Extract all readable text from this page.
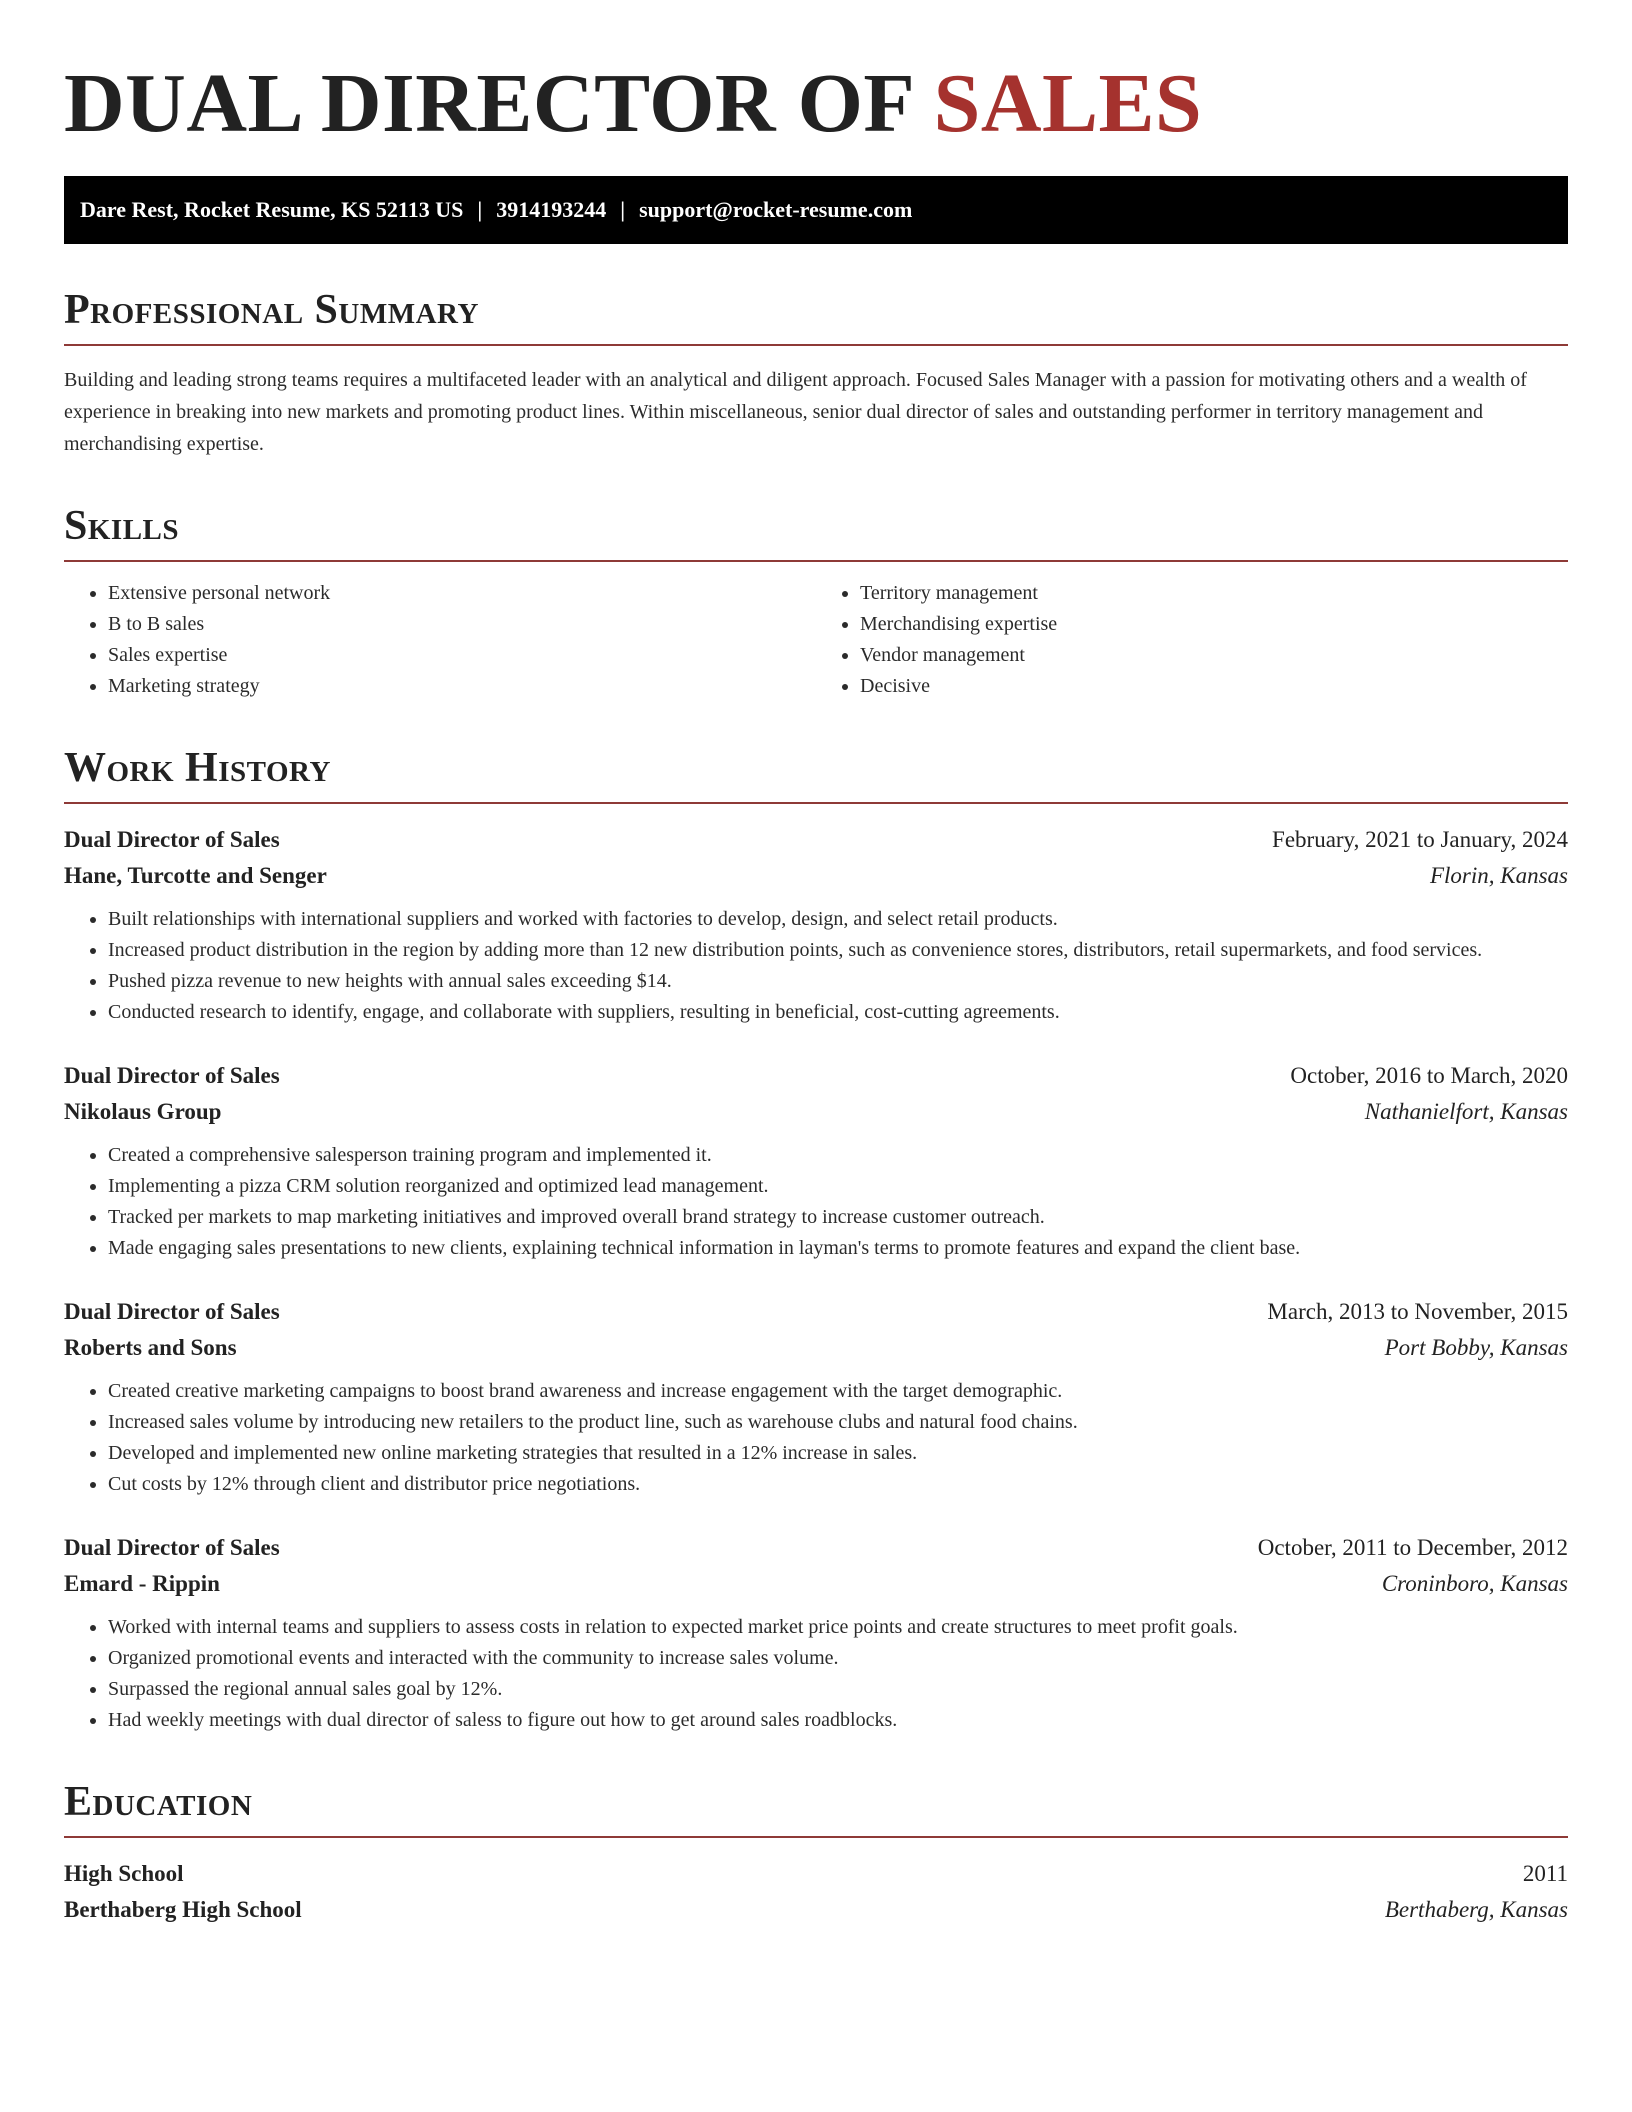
DUAL DIRECTOR OF SALES
Dare Rest, Rocket Resume, KS 52113 US | 3914193244 | support@rocket-resume.com
Professional Summary

Building and leading strong teams requires a multifaceted leader with an analytical and diligent approach. Focused Sales Manager with a passion for motivating others and a wealth of experience in breaking into new markets and promoting product lines. Within miscellaneous, senior dual director of sales and outstanding performer in territory management and merchandising expertise.

Skills
• Extensive personal network
• B to B sales
• Sales expertise
• Marketing strategy
• Territory management
• Merchandising expertise
• Vendor management
• Decisive
Work History
Dual Director of Sales	February, 2021 to January, 2024
Hane, Turcotte and Senger	Florin, Kansas
• Built relationships with international suppliers and worked with factories to develop, design, and select retail products.
• Increased product distribution in the region by adding more than 12 new distribution points, such as convenience stores, distributors, retail supermarkets, and food services.
• Pushed pizza revenue to new heights with annual sales exceeding $14.
• Conducted research to identify, engage, and collaborate with suppliers, resulting in beneficial, cost-cutting agreements.
Dual Director of Sales	October, 2016 to March, 2020
Nikolaus Group	Nathanielfort, Kansas
• Created a comprehensive salesperson training program and implemented it.
• Implementing a pizza CRM solution reorganized and optimized lead management.
• Tracked per markets to map marketing initiatives and improved overall brand strategy to increase customer outreach.
• Made engaging sales presentations to new clients, explaining technical information in layman's terms to promote features and expand the client base.
Dual Director of Sales	March, 2013 to November, 2015
Roberts and Sons	Port Bobby, Kansas
• Created creative marketing campaigns to boost brand awareness and increase engagement with the target demographic.
• Increased sales volume by introducing new retailers to the product line, such as warehouse clubs and natural food chains.
• Developed and implemented new online marketing strategies that resulted in a 12% increase in sales.
• Cut costs by 12% through client and distributor price negotiations.
Dual Director of Sales	October, 2011 to December, 2012
Emard - Rippin	Croninboro, Kansas
• Worked with internal teams and suppliers to assess costs in relation to expected market price points and create structures to meet profit goals.
• Organized promotional events and interacted with the community to increase sales volume.
• Surpassed the regional annual sales goal by 12%.
• Had weekly meetings with dual director of saless to figure out how to get around sales roadblocks.
Education
High School	2011
Berthaberg High School	Berthaberg, Kansas
